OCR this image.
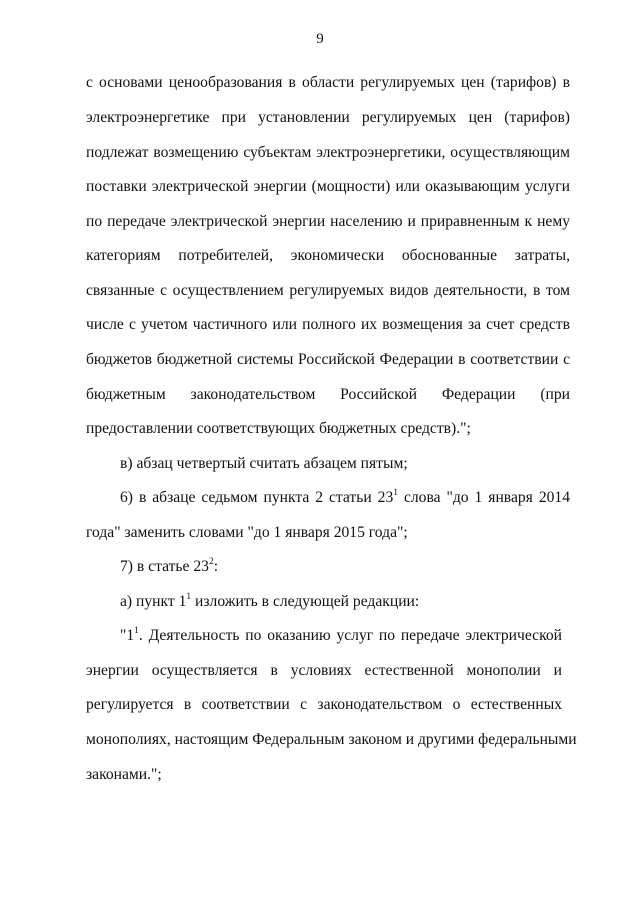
9
с основами ценообразования в области регулируемых цен (тарифов) в
электроэнергетике при установлении регулируемых цен (тарифов)
подлежат возмещению субъектам электроэнергетики, осуществляющим
поставки электрической энергии (мощности) или оказывающим услуги
по передаче электрической энергии населению и приравненным к нему
категориям потребителей, экономически обоснованные затраты,
связанные с осуществлением регулируемых видов деятельности, в том
числе с учетом частичного или полного их возмещения за счет средств
бюджетов бюджетной системы Российской Федерации в соответствии с
бюджетным законодательством Российской Федерации (при
предоставлении соответствующих бюджетных средств).";
в) абзац четвертый считать абзацем пятым;
6) в абзаце седьмом пункта 2 статьи $23^1$ слова "до 1 января 2014
года" заменить словами "до 1 января 2015 года";
7) в статье $23^2$:
а) пункт $1^1$ изложить в следующей редакции:
"$1^1$. Деятельность по оказанию услуг по передаче электрической
энергии осуществляется в условиях естественной монополии и
регулируется в соответствии с законодательством о естественных
монополиях, настоящим Федеральным законом и другими федеральными
законами.";
